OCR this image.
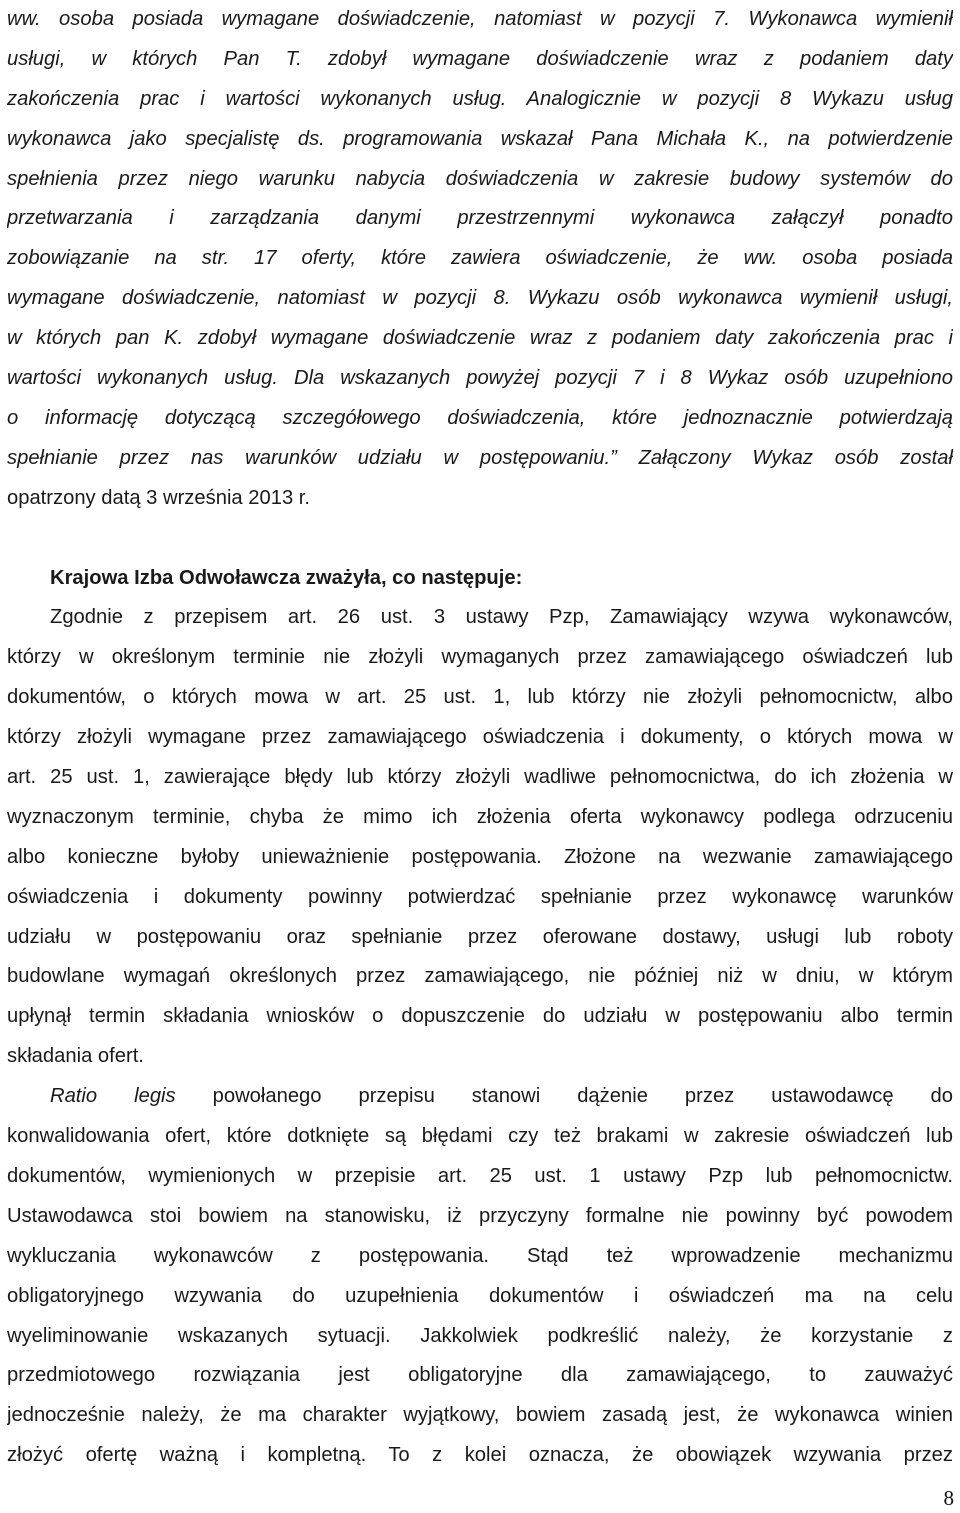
ww. osoba posiada wymagane doświadczenie, natomiast w pozycji 7. Wykonawca wymienił
usługi, w których Pan T. zdobył wymagane doświadczenie wraz z podaniem daty
zakończenia prac i wartości wykonanych usług. Analogicznie w pozycji 8 Wykazu usług
wykonawca jako specjalistę ds. programowania wskazał Pana Michała K., na potwierdzenie
spełnienia przez niego warunku nabycia doświadczenia w zakresie budowy systemów do
przetwarzania i zarządzania danymi przestrzennymi wykonawca załączył ponadto
zobowiązanie na str. 17 oferty, które zawiera oświadczenie, że ww. osoba posiada
wymagane doświadczenie, natomiast w pozycji 8. Wykazu osób wykonawca wymienił usługi,
w których pan K. zdobył wymagane doświadczenie wraz z podaniem daty zakończenia prac i
wartości wykonanych usług. Dla wskazanych powyżej pozycji 7 i 8 Wykaz osób uzupełniono
o informację dotyczącą szczegółowego doświadczenia, które jednoznacznie potwierdzają
spełnianie przez nas warunków udziału w postępowaniu.” Załączony Wykaz osób został
opatrzony datą 3 września 2013 r.
Krajowa Izba Odwoławcza zważyła, co następuje:
Zgodnie z przepisem art. 26 ust. 3 ustawy Pzp, Zamawiający wzywa wykonawców,
którzy w określonym terminie nie złożyli wymaganych przez zamawiającego oświadczeń lub
dokumentów, o których mowa w art. 25 ust. 1, lub którzy nie złożyli pełnomocnictw, albo
którzy złożyli wymagane przez zamawiającego oświadczenia i dokumenty, o których mowa w
art. 25 ust. 1, zawierające błędy lub którzy złożyli wadliwe pełnomocnictwa, do ich złożenia w
wyznaczonym terminie, chyba że mimo ich złożenia oferta wykonawcy podlega odrzuceniu
albo konieczne byłoby unieważnienie postępowania. Złożone na wezwanie zamawiającego
oświadczenia i dokumenty powinny potwierdzać spełnianie przez wykonawcę warunków
udziału w postępowaniu oraz spełnianie przez oferowane dostawy, usługi lub roboty
budowlane wymagań określonych przez zamawiającego, nie później niż w dniu, w którym
upłynął termin składania wniosków o dopuszczenie do udziału w postępowaniu albo termin
składania ofert.
Ratio legis powołanego przepisu stanowi dążenie przez ustawodawcę do
konwalidowania ofert, które dotknięte są błędami czy też brakami w zakresie oświadczeń lub
dokumentów, wymienionych w przepisie art. 25 ust. 1 ustawy Pzp lub pełnomocnictw.
Ustawodawca stoi bowiem na stanowisku, iż przyczyny formalne nie powinny być powodem
wykluczania wykonawców z postępowania. Stąd też wprowadzenie mechanizmu
obligatoryjnego wzywania do uzupełnienia dokumentów i oświadczeń ma na celu
wyeliminowanie wskazanych sytuacji. Jakkolwiek podkreślić należy, że korzystanie z
przedmiotowego rozwiązania jest obligatoryjne dla zamawiającego, to zauważyć
jednocześnie należy, że ma charakter wyjątkowy, bowiem zasadą jest, że wykonawca winien
złożyć ofertę ważną i kompletną. To z kolei oznacza, że obowiązek wzywania przez
8
